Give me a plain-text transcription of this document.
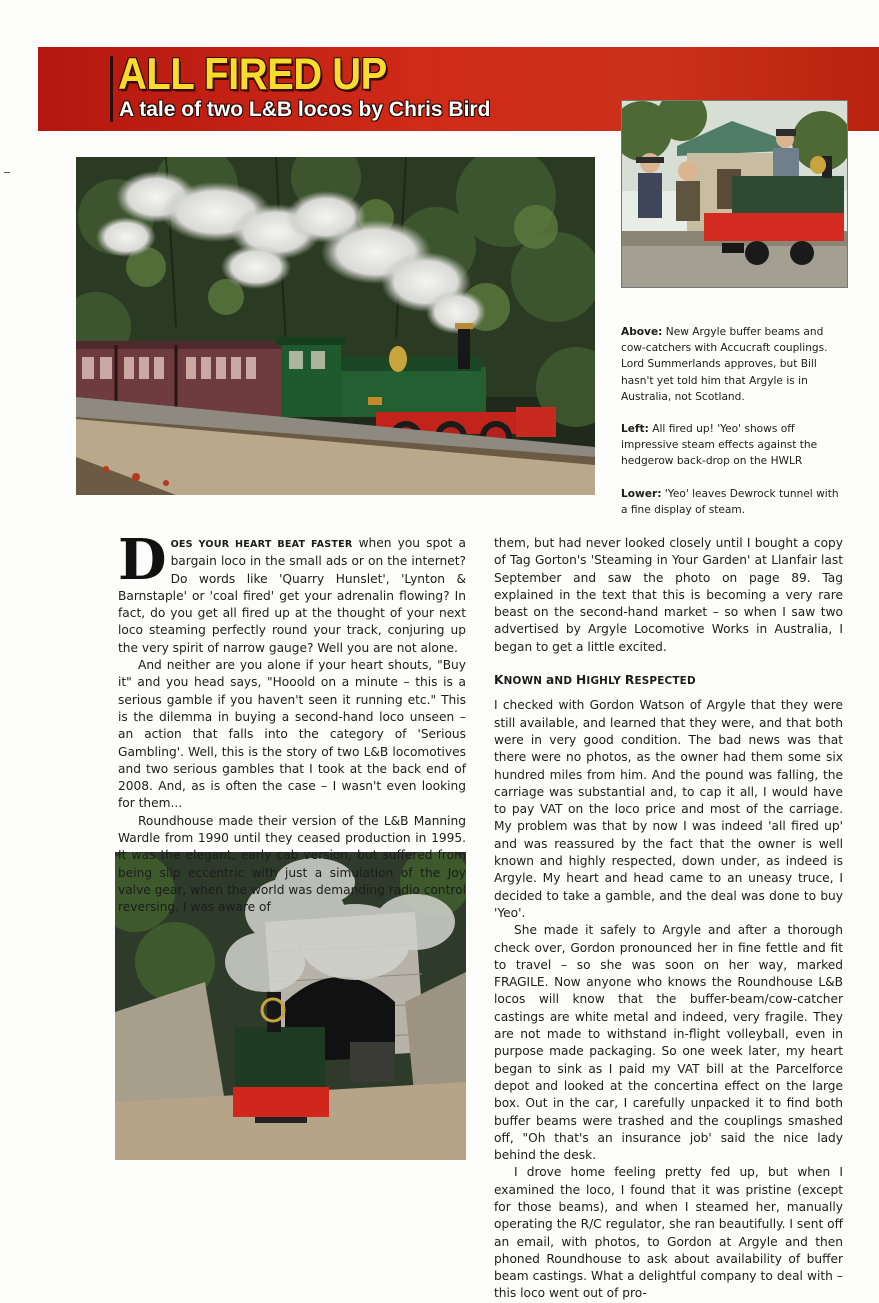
ALL FIRED UP
A tale of two L&B locos by Chris Bird

Above: New Argyle buffer beams and cow-catchers with Accucraft couplings. Lord Summerlands approves, but Bill hasn't yet told him that Argyle is in Australia, not Scotland.

Left: All fired up! 'Yeo' shows off impressive steam effects against the hedgerow back-drop on the HWLR

Lower: 'Yeo' leaves Dewrock tunnel with a fine display of steam.

DOES YOUR HEART BEAT FASTER when you spot a bargain loco in the small ads or on the internet? Do words like 'Quarry Hunslet', 'Lynton & Barnstaple' or 'coal fired' get your adrenalin flowing? In fact, do you get all fired up at the thought of your next loco steaming perfectly round your track, conjuring up the very spirit of narrow gauge? Well you are not alone.

And neither are you alone if your heart shouts, "Buy it" and you head says, "Hooold on a minute – this is a serious gamble if you haven't seen it running etc." This is the dilemma in buying a second-hand loco unseen – an action that falls into the category of 'Serious Gambling'. Well, this is the story of two L&B locomotives and two serious gambles that I took at the back end of 2008. And, as is often the case – I wasn't even looking for them...

Roundhouse made their version of the L&B Manning Wardle from 1990 until they ceased production in 1995. It was the elegant, early cab version, but suffered from being slip eccentric with just a simulation of the Joy valve gear, when the world was demanding radio control reversing. I was aware of

them, but had never looked closely until I bought a copy of Tag Gorton's 'Steaming in Your Garden' at Llanfair last September and saw the photo on page 89. Tag explained in the text that this is becoming a very rare beast on the second-hand market – so when I saw two advertised by Argyle Locomotive Works in Australia, I began to get a little excited.

KNOWN aND HIGHLY RESPECTED

I checked with Gordon Watson of Argyle that they were still available, and learned that they were, and that both were in very good condition. The bad news was that there were no photos, as the owner had them some six hundred miles from him. And the pound was falling, the carriage was substantial and, to cap it all, I would have to pay VAT on the loco price and most of the carriage. My problem was that by now I was indeed 'all fired up' and was reassured by the fact that the owner is well known and highly respected, down under, as indeed is Argyle. My heart and head came to an uneasy truce, I decided to take a gamble, and the deal was done to buy 'Yeo'.

She made it safely to Argyle and after a thorough check over, Gordon pronounced her in fine fettle and fit to travel – so she was soon on her way, marked FRAGILE. Now anyone who knows the Roundhouse L&B locos will know that the buffer-beam/cow-catcher castings are white metal and indeed, very fragile. They are not made to withstand in-flight volleyball, even in purpose made packaging. So one week later, my heart began to sink as I paid my VAT bill at the Parcelforce depot and looked at the concertina effect on the large box. Out in the car, I carefully unpacked it to find both buffer beams were trashed and the couplings smashed off, "Oh that's an insurance job' said the nice lady behind the desk.

I drove home feeling pretty fed up, but when I examined the loco, I found that it was pristine (except for those beams), and when I steamed her, manually operating the R/C regulator, she ran beautifully. I sent off an email, with photos, to Gordon at Argyle and then phoned Roundhouse to ask about availability of buffer beam castings. What a delightful company to deal with – this loco went out of pro-
